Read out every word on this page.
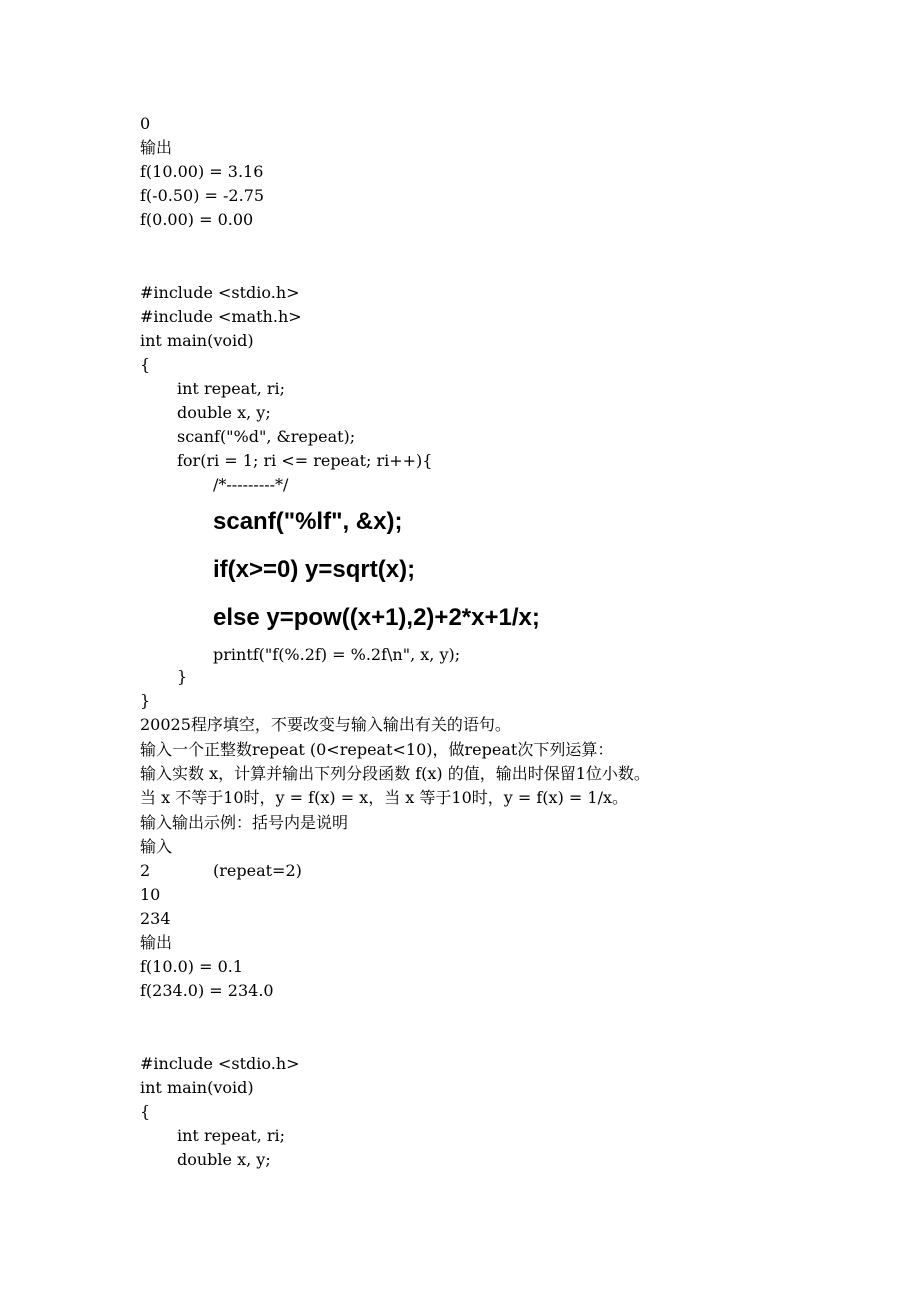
0
输出
f(10.00) = 3.16
f(-0.50) = -2.75
f(0.00) = 0.00
#include <stdio.h>
#include <math.h>
int main(void)
{
int repeat, ri;
double x, y;
scanf("%d", &repeat);
for(ri = 1; ri <= repeat; ri++){
/*---------*/
scanf("%lf", &x);
if(x>=0) y=sqrt(x);
else y=pow((x+1),2)+2*x+1/x;
printf("f(%.2f) = %.2f\n", x, y);
}
}
20025程序填空，不要改变与输入输出有关的语句。
输入一个正整数repeat (0<repeat<10)，做repeat次下列运算：
输入实数 x，计算并输出下列分段函数 f(x) 的值，输出时保留1位小数。
当 x 不等于10时，y = f(x) = x，当 x 等于10时，y = f(x) = 1/x。
输入输出示例：括号内是说明
输入
2	(repeat=2)
10
234
输出
f(10.0) = 0.1
f(234.0) = 234.0
#include <stdio.h>
int main(void)
{
int repeat, ri;
double x, y;
